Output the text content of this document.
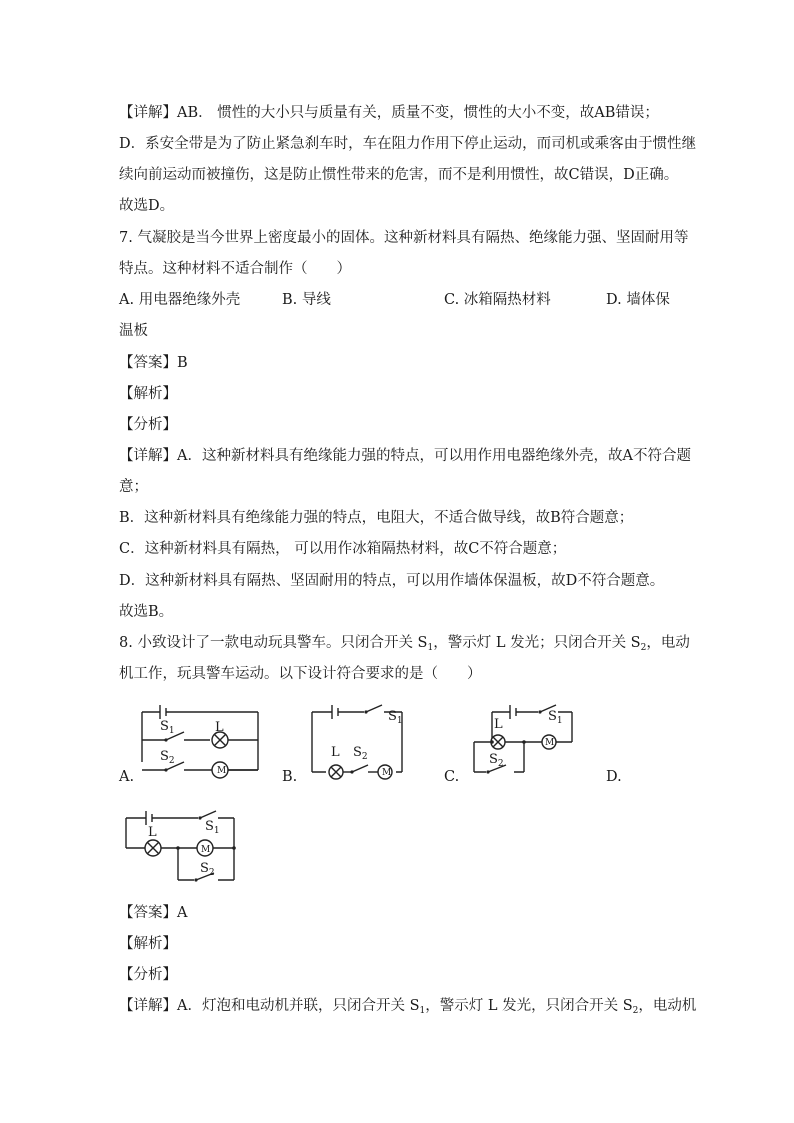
【详解】AB． 惯性的大小只与质量有关，质量不变，惯性的大小不变，故AB错误；
D．系安全带是为了防止紧急刹车时，车在阻力作用下停止运动，而司机或乘客由于惯性继
续向前运动而被撞伤，这是防止惯性带来的危害，而不是利用惯性，故C错误，D正确。
故选D。
7. 气凝胶是当今世界上密度最小的固体。这种新材料具有隔热、绝缘能力强、坚固耐用等
特点。这种材料不适合制作（　　）
A. 用电器绝缘外壳	B. 导线	C. 冰箱隔热材料	D. 墙体保
温板
【答案】B
【解析】
【分析】
【详解】A．这种新材料具有绝缘能力强的特点，可以用作用电器绝缘外壳，故A不符合题
意；
B．这种新材料具有绝缘能力强的特点，电阻大，不适合做导线，故B符合题意；
C．这种新材料具有隔热， 可以用作冰箱隔热材料，故C不符合题意；
D．这种新材料具有隔热、坚固耐用的特点，可以用作墙体保温板，故D不符合题意。
故选B。
8. 小致设计了一款电动玩具警车。只闭合开关 $S_1$，警示灯 L 发光；只闭合开关 $S_2$，电动
机工作，玩具警车运动。以下设计符合要求的是（　　）
$S_1$	L
$S_2$
M
A.
$S_1$
L $S_2$
M
B.
$S_1$
L
$S_2$
M
C.	D.
L	$S_1$
M
$S_2$
【答案】A
【解析】
【分析】
【详解】A．灯泡和电动机并联，只闭合开关 $S_1$，警示灯 L 发光，只闭合开关 $S_2$，电动机
